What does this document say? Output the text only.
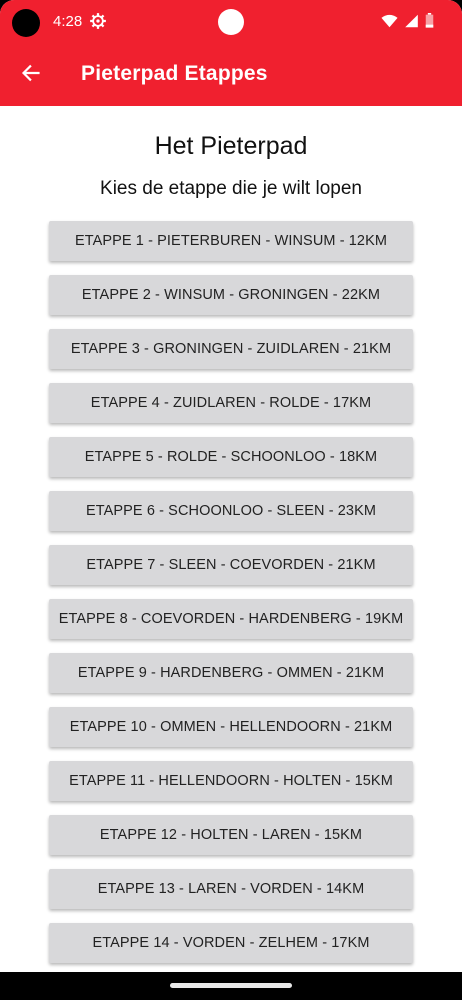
4:28
Pieterpad Etappes
Het Pieterpad
Kies de etappe die je wilt lopen
ETAPPE 1 - PIETERBUREN - WINSUM - 12KM
ETAPPE 2 - WINSUM - GRONINGEN - 22KM
ETAPPE 3 - GRONINGEN - ZUIDLAREN - 21KM
ETAPPE 4 - ZUIDLAREN - ROLDE - 17KM
ETAPPE 5 - ROLDE - SCHOONLOO - 18KM
ETAPPE 6 - SCHOONLOO - SLEEN - 23KM
ETAPPE 7 - SLEEN - COEVORDEN - 21KM
ETAPPE 8 - COEVORDEN - HARDENBERG - 19KM
ETAPPE 9 - HARDENBERG - OMMEN - 21KM
ETAPPE 10 - OMMEN - HELLENDOORN - 21KM
ETAPPE 11 - HELLENDOORN - HOLTEN - 15KM
ETAPPE 12 - HOLTEN - LAREN - 15KM
ETAPPE 13 - LAREN - VORDEN - 14KM
ETAPPE 14 - VORDEN - ZELHEM - 17KM
